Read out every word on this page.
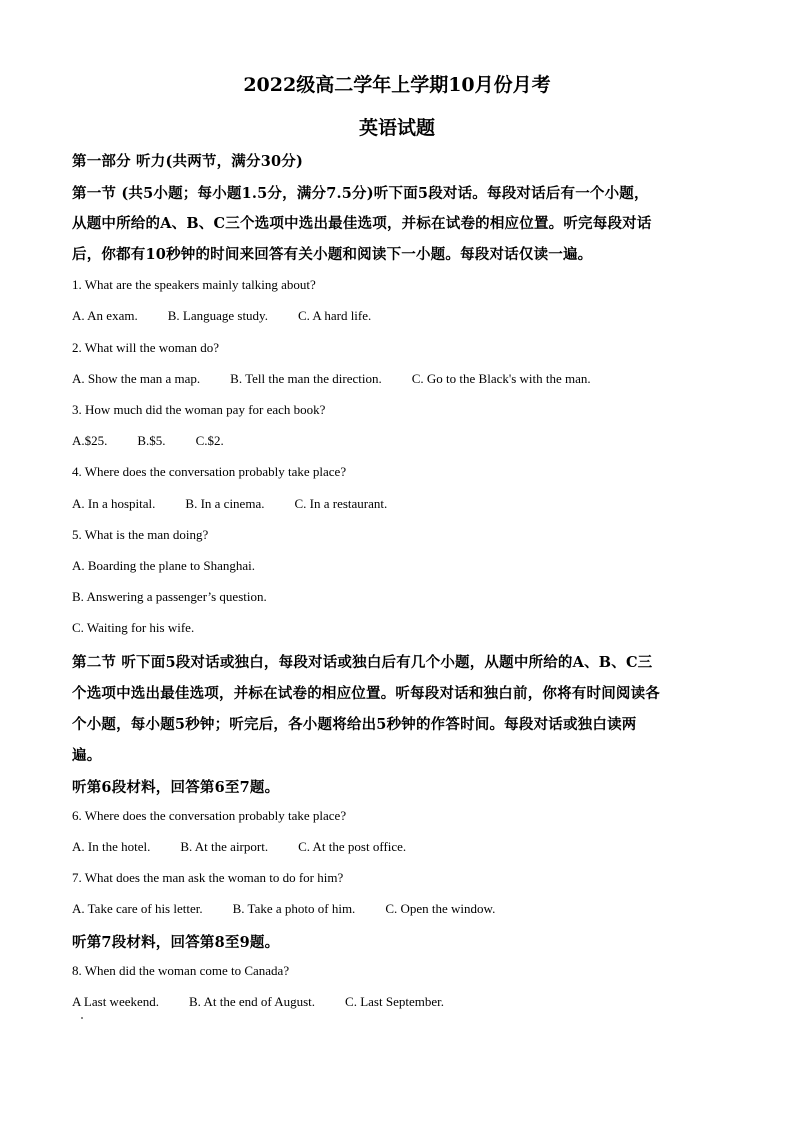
2022级高二学年上学期10月份月考
英语试题
第一部分 听力(共两节，满分30分)
第一节 (共5小题；每小题1.5分，满分7.5分)听下面5段对话。每段对话后有一个小题，
从题中所给的A、B、C三个选项中选出最佳选项，并标在试卷的相应位置。听完每段对话
后，你都有10秒钟的时间来回答有关小题和阅读下一小题。每段对话仅读一遍。
1. What are the speakers mainly talking about?
A. An exam. B. Language study. C. A hard life.
2. What will the woman do?
A. Show the man a map. B. Tell the man the direction. C. Go to the Black's with the man.
3. How much did the woman pay for each book?
A.$25. B.$5. C.$2.
4. Where does the conversation probably take place?
A. In a hospital. B. In a cinema. C. In a restaurant.
5. What is the man doing?
A. Boarding the plane to Shanghai.
B. Answering a passenger’s question.
C. Waiting for his wife.
第二节 听下面5段对话或独白，每段对话或独白后有几个小题，从题中所给的A、B、C三
个选项中选出最佳选项，并标在试卷的相应位置。听每段对话和独白前，你将有时间阅读各
个小题，每小题5秒钟；听完后，各小题将给出5秒钟的作答时间。每段对话或独白读两
遍。
听第6段材料，回答第6至7题。
6. Where does the conversation probably take place?
A. In the hotel. B. At the airport. C. At the post office.
7. What does the man ask the woman to do for him?
A. Take care of his letter. B. Take a photo of him. C. Open the window.
听第7段材料，回答第8至9题。
8. When did the woman come to Canada?
A Last weekend. B. At the end of August. C. Last September.
